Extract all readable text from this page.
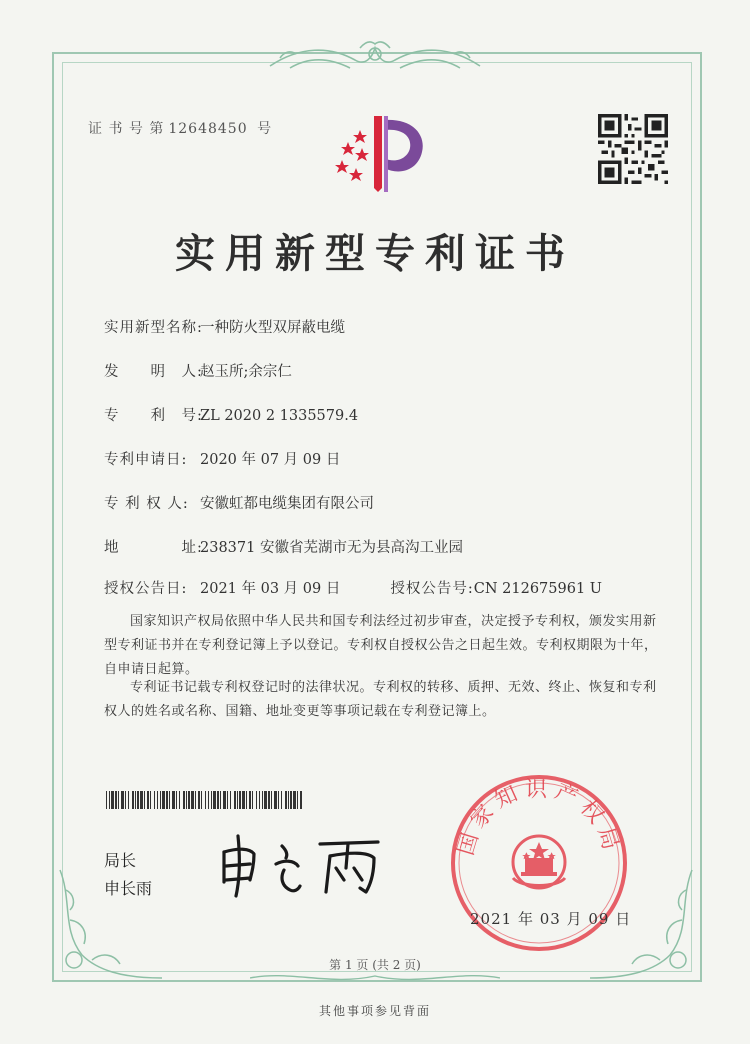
证 书 号 第 12648450 号
实用新型专利证书
实用新型名称:一种防火型双屏蔽电缆
发　　明　人:赵玉所;余宗仁
专　　利　号:ZL 2020 2 1335579.4
专利申请日: 2020 年 07 月 09 日
专 利 权 人: 安徽虹都电缆集团有限公司
地　　　　址:238371 安徽省芜湖市无为县高沟工业园
授权公告日: 2021 年 03 月 09 日	授权公告号:CN 212675961 U
国家知识产权局依照中华人民共和国专利法经过初步审查，决定授予专利权，颁发实用新型专利证书并在专利登记簿上予以登记。专利权自授权公告之日起生效。专利权期限为十年，自申请日起算。
专利证书记载专利权登记时的法律状况。专利权的转移、质押、无效、终止、恢复和专利权人的姓名或名称、国籍、地址变更等事项记载在专利登记簿上。
局长
申长雨
国家知识产权局
2021 年 03 月 09 日
第 1 页 (共 2 页)
其他事项参见背面
